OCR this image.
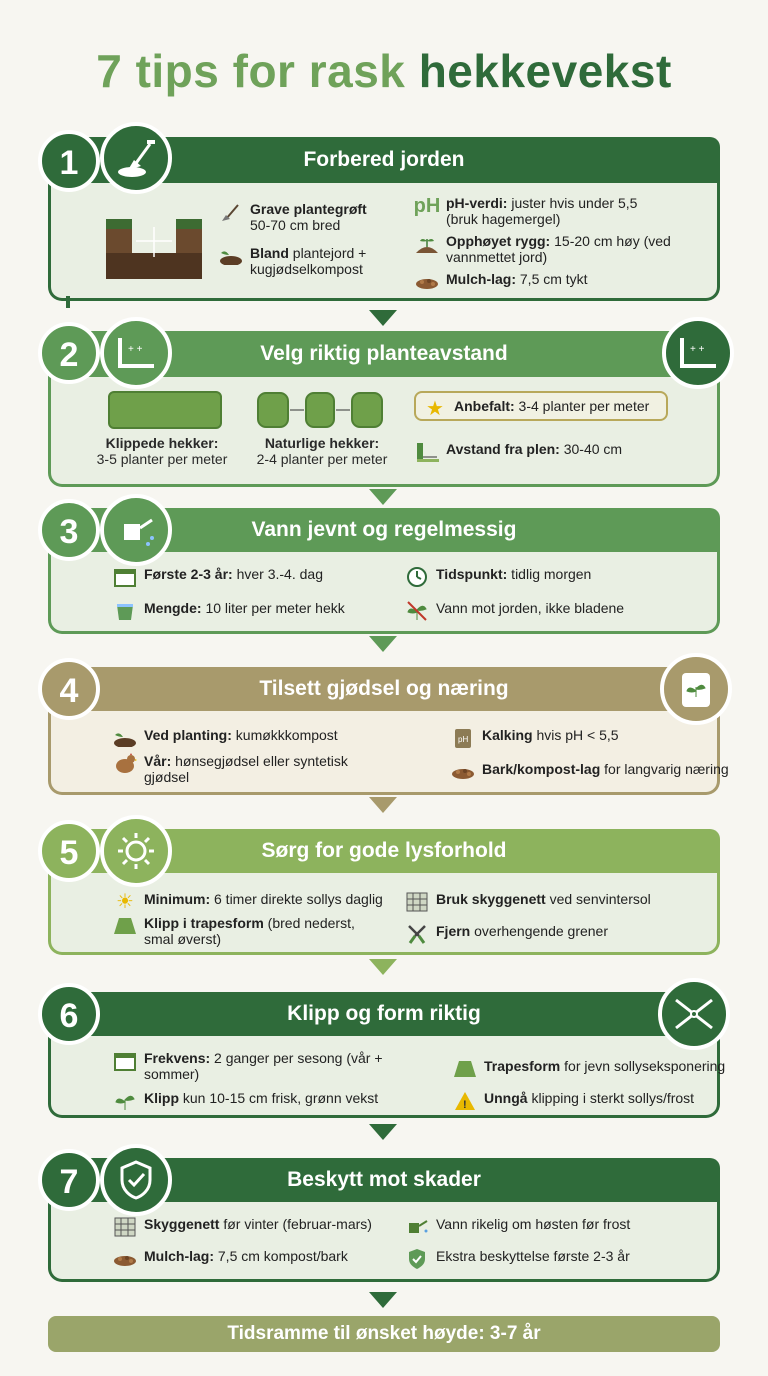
7 tips for rask hekkevekst
Forbered jorden
1
Grave plantegrøft
50-70 cm bred
Bland plantejord + kugjødselkompost
pH pH-verdi: juster hvis under 5,5 (bruk hagemergel)
Opphøyet rygg: 15-20 cm høy (ved vannmettet jord)
Mulch-lag: 7,5 cm tykt
Velg riktig planteavstand
2	+ +	+ +
Klippede hekker:
3-5 planter per meter
Naturlige hekker:
2-4 planter per meter
★ Anbefalt: 3-4 planter per meter
Avstand fra plen: 30-40 cm
Vann jevnt og regelmessig
3
Første 2-3 år: hver 3.-4. dag
Mengde: 10 liter per meter hekk
Tidspunkt: tidlig morgen
Vann mot jorden, ikke bladene
Tilsett gjødsel og næring
4
Ved planting: kumøkkkompost
Vår: hønsegjødsel eller syntetisk gjødsel
pH Kalking hvis pH < 5,5
Bark/kompost-lag for langvarig næring
Sørg for gode lysforhold
5
☀ Minimum: 6 timer direkte sollys daglig
Klipp i trapesform (bred nederst, smal øverst)
Bruk skyggenett ved senvintersol
Fjern overhengende grener
Klipp og form riktig
6
Frekvens: 2 ganger per sesong (vår + sommer)
Klipp kun 10-15 cm frisk, grønn vekst
Trapesform for jevn sollyseksponering
! Unngå klipping i sterkt sollys/frost
Beskytt mot skader
7
Skyggenett før vinter (februar-mars)
Mulch-lag: 7,5 cm kompost/bark
Vann rikelig om høsten før frost
Ekstra beskyttelse første 2-3 år
Tidsramme til ønsket høyde: 3-7 år
